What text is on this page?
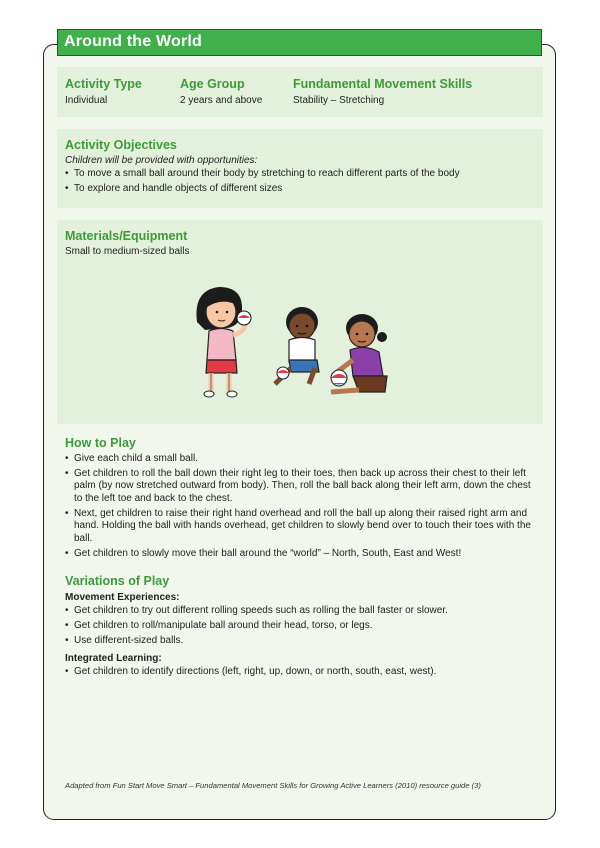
Around the World
Activity Type
Individual
Age Group
2 years and above
Fundamental Movement Skills
Stability – Stretching
Activity Objectives
Children will be provided with opportunities:
• To move a small ball around their body by stretching to reach different parts of the body
• To explore and handle objects of different sizes
Materials/Equipment
Small to medium-sized balls
How to Play
• Give each child a small ball.
• Get children to roll the ball down their right leg to their toes, then back up across their chest to their left palm (by now stretched outward from body). Then, roll the ball back along their left arm, down the chest to the left toe and back to the chest.
• Next, get children to raise their right hand overhead and roll the ball up along their raised right arm and hand. Holding the ball with hands overhead, get children to slowly bend over to touch their toes with the ball.
• Get children to slowly move their ball around the “world” – North, South, East and West!
Variations of Play
Movement Experiences:
• Get children to try out different rolling speeds such as rolling the ball faster or slower.
• Get children to roll/manipulate ball around their head, torso, or legs.
• Use different-sized balls.
Integrated Learning:
• Get children to identify directions (left, right, up, down, or north, south, east, west).
Adapted from Fun Start Move Smart – Fundamental Movement Skills for Growing Active Learners (2010) resource guide (3)
